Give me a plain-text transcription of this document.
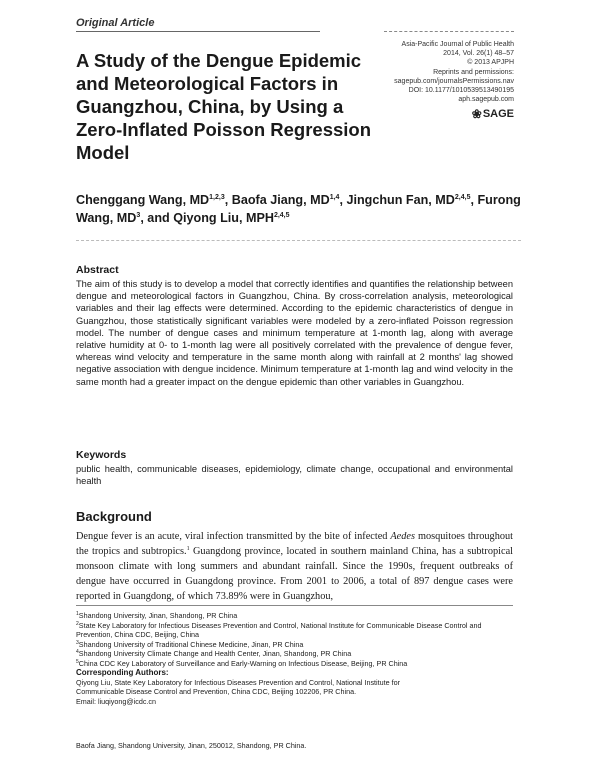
Original Article
A Study of the Dengue Epidemic and Meteorological Factors in Guangzhou, China, by Using a Zero-Inflated Poisson Regression Model
Asia-Pacific Journal of Public Health
2014, Vol. 26(1) 48–57
© 2013 APJPH
Reprints and permissions:
sagepub.com/journalsPermissions.nav
DOI: 10.1177/1010539513490195
aph.sagepub.com
❀ SAGE

Chenggang Wang, MD$^{1,2,3}$, Baofa Jiang, MD$^{1,4}$, Jingchun Fan, MD$^{2,4,5}$, Furong Wang, $MD^3$, and Qiyong Liu, MPH$^{2,4,5}$

Abstract

The aim of this study is to develop a model that correctly identifies and quantifies the relationship between dengue and meteorological factors in Guangzhou, China. By cross-correlation analysis, meteorological variables and their lag effects were determined. According to the epidemic characteristics of dengue in Guangzhou, those statistically significant variables were modeled by a zero-inflated Poisson regression model. The number of dengue cases and minimum temperature at 1-month lag, along with average relative humidity at 0- to 1-month lag were all positively correlated with the prevalence of dengue fever, whereas wind velocity and temperature in the same month along with rainfall at 2 months' lag showed negative association with dengue incidence. Minimum temperature at 1-month lag and wind velocity in the same month had a greater impact on the dengue epidemic than other variables in Guangzhou.

Keywords

public health, communicable diseases, epidemiology, climate change, occupational and environmental health

Background

Dengue fever is an acute, viral infection transmitted by the bite of infected Aedes mosquitoes throughout the tropics and subtropics.$^1$ Guangdong province, located in southern mainland China, has a subtropical monsoon climate with long summers and abundant rainfall. Since the 1990s, frequent outbreaks of dengue have occurred in Guangdong province. From 2001 to 2006, a total of 897 dengue cases were reported in Guangdong, of which 73.89% were in Guangzhou,

$^1$Shandong University, Jinan, Shandong, PR China
$^2$State Key Laboratory for Infectious Diseases Prevention and Control, National Institute for Communicable Disease Control and Prevention, China CDC, Beijing, China
$^3$Shandong University of Traditional Chinese Medicine, Jinan, PR China
$^4$Shandong University Climate Change and Health Center, Jinan, Shandong, PR China
$^5$China CDC Key Laboratory of Surveillance and Early-Warning on Infectious Disease, Beijing, PR China
Corresponding Authors:
Qiyong Liu, State Key Laboratory for Infectious Diseases Prevention and Control, National Institute for
Communicable Disease Control and Prevention, China CDC, Beijing 102206, PR China.
Email: liuqiyong@icdc.cn
Baofa Jiang, Shandong University, Jinan, 250012, Shandong, PR China.
